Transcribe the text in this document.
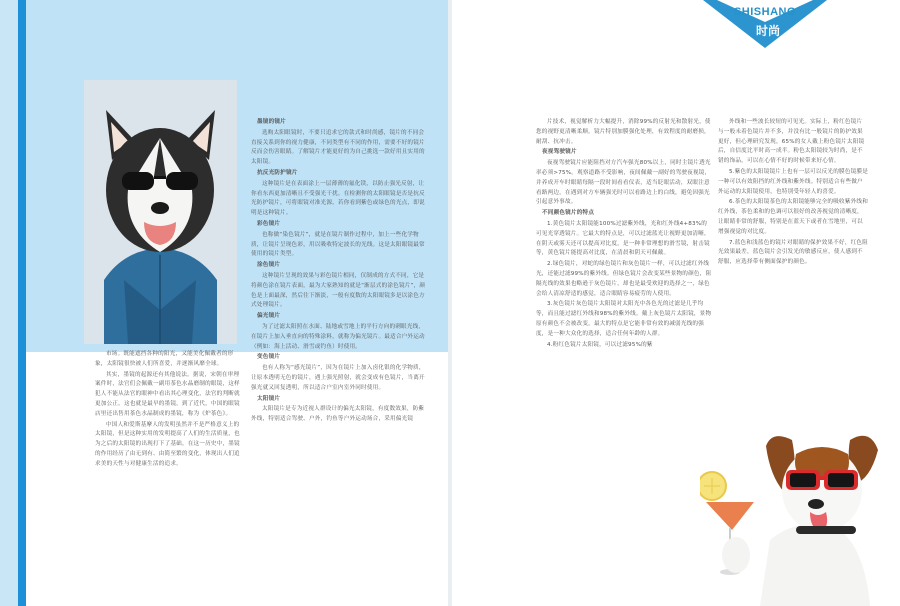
市场。既能遮挡各种的阳光，又能美化佩戴者的形象，太阳镜很快被人们所喜爱，并逐渐风靡全球。

其实，墨镜的起源还有其他说法。据说，宋朝在审理案件时，法官们会佩戴一副用茶色水晶磨制的眼镜，这样犯人不能从法官的眼神中看出其心理变化，法官的判断就更加公正。这也就是最早的墨镜。到了近代，中国的眼镜店里还出售用茶色水晶制成的墨镜，称为《炉茶色》。

中国人和爱斯基摩人的发明虽然并不是严格意义上的太阳镜，但是这种实用的发明提高了人们的生活质量，也为之后的太阳镜的出现打下了基础。在这一历史中，墨镜的作用经历了由无到有、由简至繁的变化，体现出人们追求美的天性与对健康生活的追求。

墨镜的镜片

选购太阳眼镜时，不要只追求它的款式和时尚感，镜片的不同会直接关系到你的视力健康，不同类型有不同的作用，需要不好的镜片反而会伤害眼睛。了解镜片才能更好的为自己挑选一款好用且实用的太阳镜。

抗反光防护镜片

这种镜片是在表面涂上一层薄薄的氟化镁，以防止强光反射，让你看东西更加清晰且不受强光干扰。在检测你的太阳眼镜是否是抗反光防护镜片，可将眼镜对准光源，若你看到紫色或绿色的光点，即说明是这种镜片。

彩色镜片

也称做“染色镜片”，就是在镜片制作过程中，加上一些化学物质，让镜片呈现色彩，用以吸收特定波长的光线。这是太阳眼镜最常使用的镜片类型。

涂色镜片

这种镜片呈现的效果与彩色镜片相同，仅制成的方式不同，它是将颜色涂在镜片表面，最为大家熟知的就是“渐层式的涂色镜片”，颜色是上面最深，然后往下渐淡，一般有度数的太阳眼镜多是以涂色方式处理镜片。

偏光镜片

为了过滤太阳照在水面、陆地或雪地上的平行方向的刺眼光线，在镜片上加入垂直向的特殊涂料，就称为偏光镜片。最适合户外运动（例如：海上活动、滑雪或钓鱼）时使用。

变色镜片

也有人称为“感光镜片”，因为在镜片上加入卤化银的化学物质，让原本透明无色的镜片，遇上强光照射，就会变成有色镜片，当离开强光就又回复透明，所以适合户室内室外同时使用。

太阳镜片

太阳镜片是专为近视人群设计的偏光太阳镜，有度数效果，防紫外线，特别适合驾驶、户外，钓鱼等户外运动场合，采用偏光镜

SHISHANG
时尚

片技术，视觉解析力大幅提升，消除99%的反射光和散射光，使您的视野更清晰柔顺。镜片特别加膜强化处理，有效程度的耐磨损，耐刮、抗冲击。

夜视驾驶镜片

夜视驾驶镜片应能阻挡对方汽车强光80%以上，同时主镜片透光率必须>75%。观察道路不受影响，夜间佩戴一副好的驾驶夜视镜，并养成开车时眼睛每隔一段时间看看仪表，适当眨眼活动，双眼注意看路两边，在遇到对方车辆强光时可以看路边上的白线，避免因强光引起意外事故。

不同颜色镜片的特点

1.黄色镜片太阳镜能100%过滤紫外线，光和红外线4+83%的可见光穿透镜片。它最大的特点是，可以过滤蓝光让视野更加清晰，在阴天或雾天还可以提高对比度，是一种非常理想的滑雪镜，射击镜等，黄色镜片能提高对比度，在清晨和阴天可佩戴。

2.绿色镜片，对蛇的绿色镜片和灰色镜片一样，可以过滤红外线光，还能过滤99%的紫外线。但绿色镜片会改变某些景物的颜色，阻隔光线的效果也略逊于灰色镜片，却也是最受欢迎的选择之一，绿色会给人清凉舒适的感觉，适合眼睛容易疲劳的人使用。

3.灰色镜片灰色镜片太阳镜对太阳光中各色光的过滤是几乎均等，而且能过滤红外线和98%的紫外线。戴上灰色镜片太阳镜，景物原有颜色不会被改变，最大的特点是它能非常有效的减弱光线的强度，是一种大众化的选择，适合任何年龄的人群。

4.粉红色镜片太阳镜，可以过滤95%的紫

外线和一些波长较短的可见光。实际上，粉红色镜片与一般未着色镜片并不多，并没有比一般镜片的防护效果更好，但心理研究发现，65%的女人戴上粉色镜片太阳镜后，自信度比平时高一成半。粉色太阳镜较为时尚，是不错的饰品，可以在心情不好的时候带来好心情。

5.紫色的太阳镜镜片上也有一层可以反光的膜色镜膜是一种可以有效阻挡的红外线和紫外线。特别适合有些做户外运动的太阳镜使用，也特别受年轻人的喜爱。

6.茶色的太阳镜茶色的太阳镜能够完全的吸收紫外线和红外线，茶色柔和的色调可以很好的改善视觉的清晰度，让眼睛非常的舒服，特别是在蓝天下或者在雪地里，可以增强视觉的对比度。

7.蓝色和浅蓝色的镜片对眼睛的保护效果不好，红色阻光效果最差，蓝色镜片会引发光的敏感反应，使人感到不舒服，应选择带有侧面保护的颜色。
